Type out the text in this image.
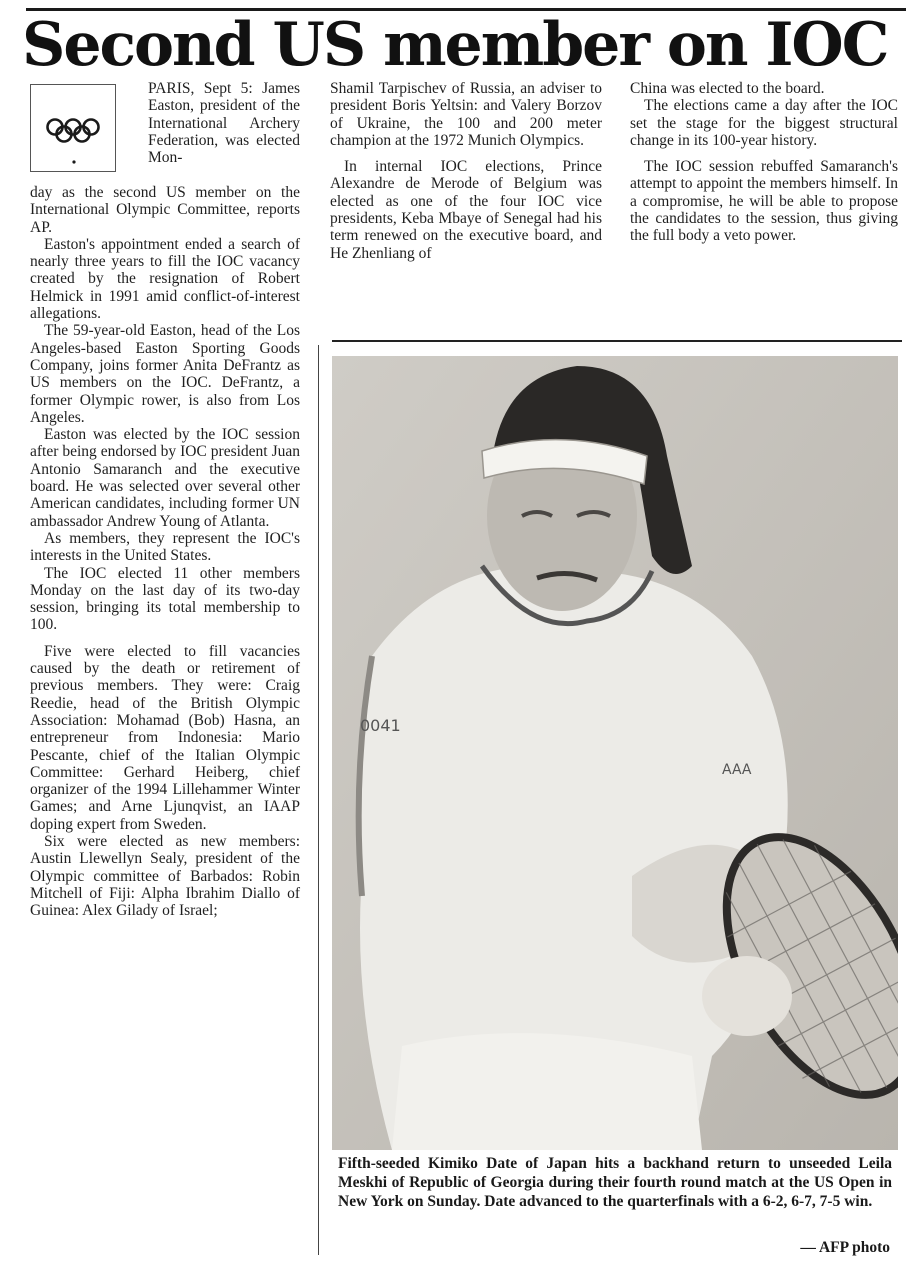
Second US member on IOC

PARIS, Sept 5: James Easton, president of the International Archery Federation, was elected Mon-

day as the second US member on the International Olympic Committee, reports AP.

Easton's appointment ended a search of nearly three years to fill the IOC vacancy created by the resignation of Robert Helmick in 1991 amid conflict-of-interest allegations.

The 59-year-old Easton, head of the Los Angeles-based Easton Sporting Goods Company, joins former Anita DeFrantz as US members on the IOC. DeFrantz, a former Olympic rower, is also from Los Angeles.

Easton was elected by the IOC session after being endorsed by IOC president Juan Antonio Samaranch and the executive board. He was selected over several other American candidates, including former UN ambassador Andrew Young of Atlanta.

As members, they represent the IOC's interests in the United States.

The IOC elected 11 other members Monday on the last day of its two-day session, bringing its total membership to 100.

Five were elected to fill vacancies caused by the death or retirement of previous members. They were: Craig Reedie, head of the British Olympic Association: Mohamad (Bob) Hasna, an entrepreneur from Indonesia: Mario Pescante, chief of the Italian Olympic Committee: Gerhard Heiberg, chief organizer of the 1994 Lillehammer Winter Games; and Arne Ljunqvist, an IAAP doping expert from Sweden.

Six were elected as new members: Austin Llewellyn Sealy, president of the Olympic committee of Barbados: Robin Mitchell of Fiji: Alpha Ibrahim Diallo of Guinea: Alex Gilady of Israel;

Shamil Tarpischev of Russia, an adviser to president Boris Yeltsin: and Valery Borzov of Ukraine, the 100 and 200 meter champion at the 1972 Munich Olympics.

In internal IOC elections, Prince Alexandre de Merode of Belgium was elected as one of the four IOC vice presidents, Keba Mbaye of Senegal had his term renewed on the executive board, and He Zhenliang of

China was elected to the board.

The elections came a day after the IOC set the stage for the biggest structural change in its 100-year history.

The IOC session rebuffed Samaranch's attempt to appoint the members himself. In a compromise, he will be able to propose the candidates to the session, thus giving the full body a veto power.

0041
AAA
Fifth-seeded Kimiko Date of Japan hits a backhand return to unseeded Leila Meskhi of Republic of Georgia during their fourth round match at the US Open in New York on Sunday. Date advanced to the quarterfinals with a 6-2, 6-7, 7-5 win.
— AFP photo
